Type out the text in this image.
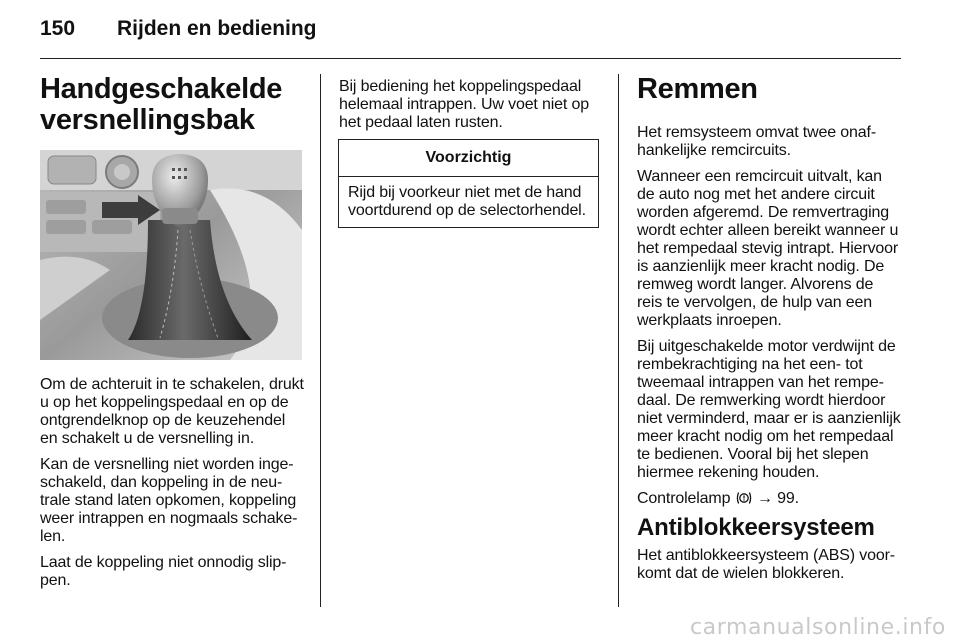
150 Rijden en bediening
Handgeschakelde
versnellingsbak

Om de achteruit in te schakelen, drukt
u op het koppelingspedaal en op de
ontgrendelknop op de keuzehendel
en schakelt u de versnelling in.

Kan de versnelling niet worden inge-
schakeld, dan koppeling in de neu-
trale stand laten opkomen, koppeling
weer intrappen en nogmaals schake-
len.

Laat de koppeling niet onnodig slip-
pen.

Bij bediening het koppelingspedaal
helemaal intrappen. Uw voet niet op
het pedaal laten rusten.

Voorzichtig
Rijd bij voorkeur niet met de hand
voortdurend op de selectorhendel.
Remmen

Het remsysteem omvat twee onaf-
hankelijke remcircuits.

Wanneer een remcircuit uitvalt, kan
de auto nog met het andere circuit
worden afgeremd. De remvertraging
wordt echter alleen bereikt wanneer u
het rempedaal stevig intrapt. Hiervoor
is aanzienlijk meer kracht nodig. De
remweg wordt langer. Alvorens de
reis te vervolgen, de hulp van een
werkplaats inroepen.

Bij uitgeschakelde motor verdwijnt de
rembekrachtiging na het een- tot
tweemaal intrappen van het rempe-
daal. De remwerking wordt hierdoor
niet verminderd, maar er is aanzienlijk
meer kracht nodig om het rempedaal
te bedienen. Vooral bij het slepen
hiermee rekening houden.

Controlelamp → 99.

Antiblokkeersysteem

Het antiblokkeersysteem (ABS) voor-
komt dat de wielen blokkeren.

carmanualsonline.info
